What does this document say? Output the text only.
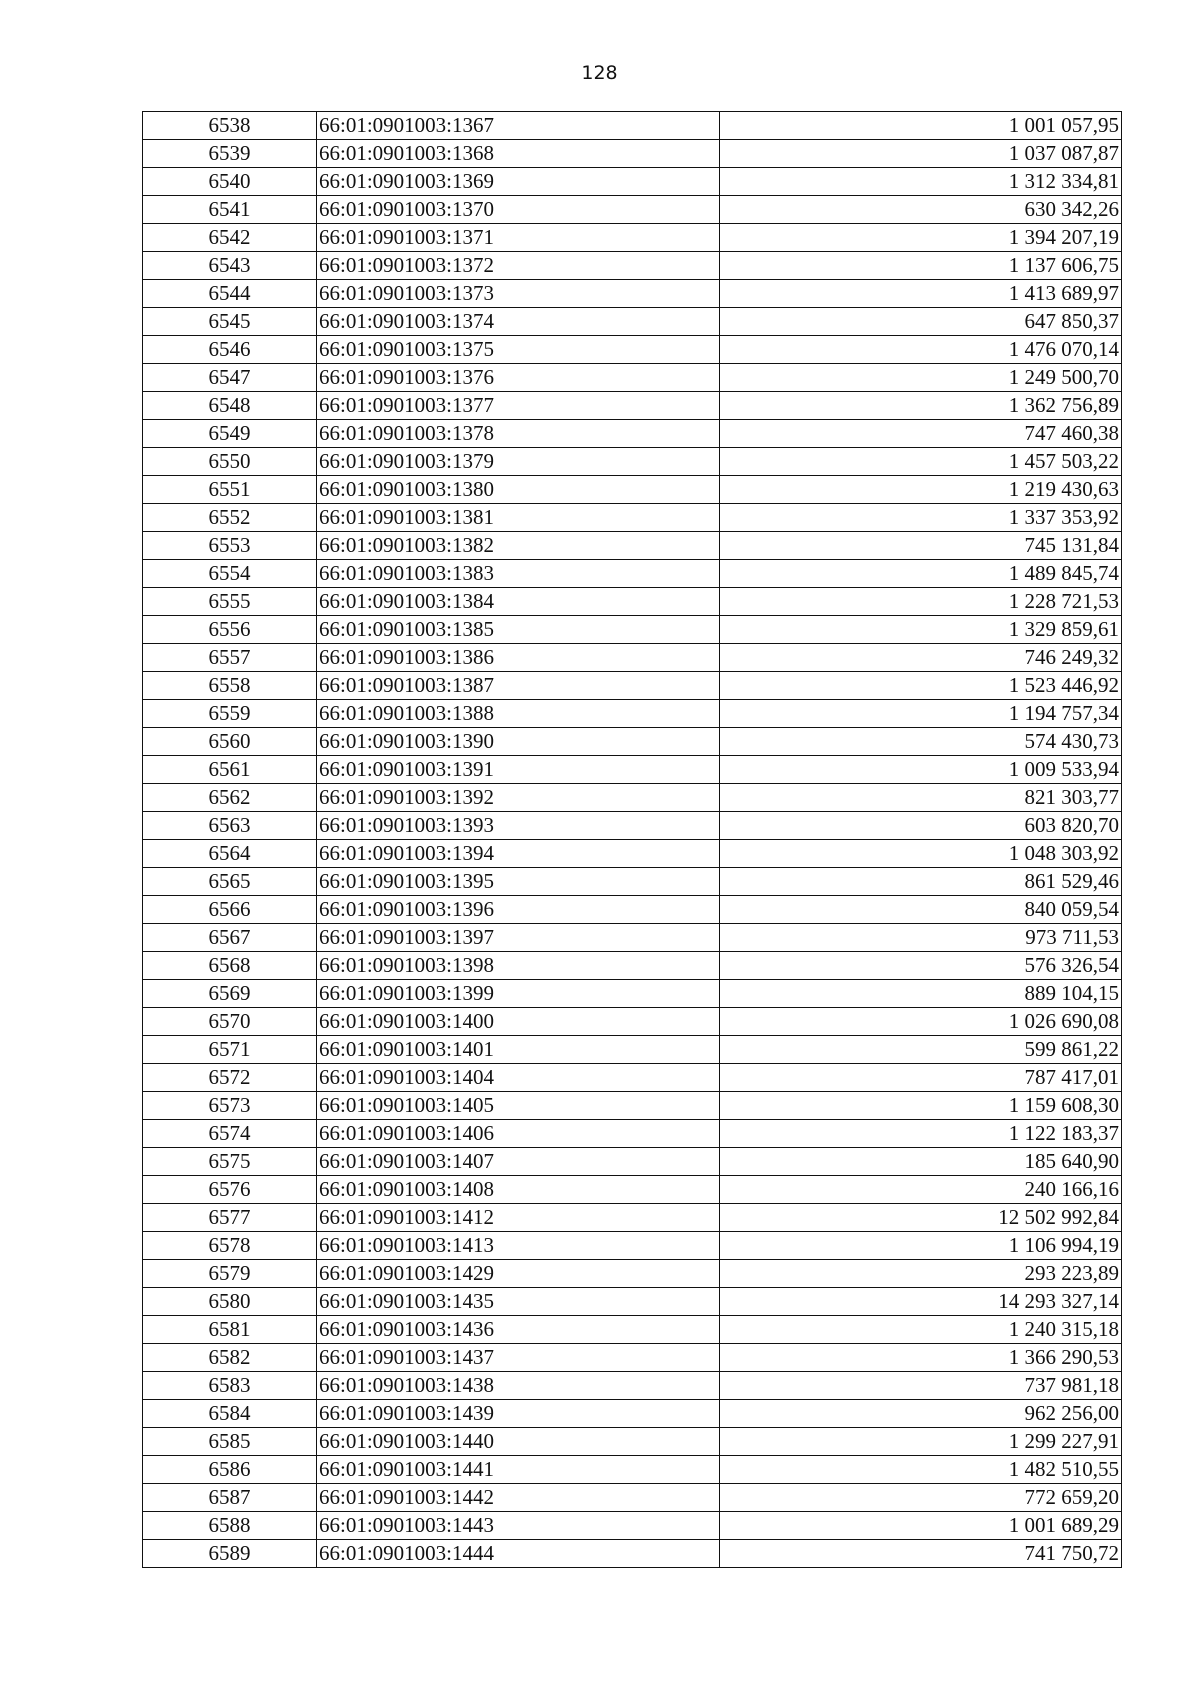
128
6538	66:01:0901003:1367	1 001 057,95
6539	66:01:0901003:1368	1 037 087,87
6540	66:01:0901003:1369	1 312 334,81
6541	66:01:0901003:1370	630 342,26
6542	66:01:0901003:1371	1 394 207,19
6543	66:01:0901003:1372	1 137 606,75
6544	66:01:0901003:1373	1 413 689,97
6545	66:01:0901003:1374	647 850,37
6546	66:01:0901003:1375	1 476 070,14
6547	66:01:0901003:1376	1 249 500,70
6548	66:01:0901003:1377	1 362 756,89
6549	66:01:0901003:1378	747 460,38
6550	66:01:0901003:1379	1 457 503,22
6551	66:01:0901003:1380	1 219 430,63
6552	66:01:0901003:1381	1 337 353,92
6553	66:01:0901003:1382	745 131,84
6554	66:01:0901003:1383	1 489 845,74
6555	66:01:0901003:1384	1 228 721,53
6556	66:01:0901003:1385	1 329 859,61
6557	66:01:0901003:1386	746 249,32
6558	66:01:0901003:1387	1 523 446,92
6559	66:01:0901003:1388	1 194 757,34
6560	66:01:0901003:1390	574 430,73
6561	66:01:0901003:1391	1 009 533,94
6562	66:01:0901003:1392	821 303,77
6563	66:01:0901003:1393	603 820,70
6564	66:01:0901003:1394	1 048 303,92
6565	66:01:0901003:1395	861 529,46
6566	66:01:0901003:1396	840 059,54
6567	66:01:0901003:1397	973 711,53
6568	66:01:0901003:1398	576 326,54
6569	66:01:0901003:1399	889 104,15
6570	66:01:0901003:1400	1 026 690,08
6571	66:01:0901003:1401	599 861,22
6572	66:01:0901003:1404	787 417,01
6573	66:01:0901003:1405	1 159 608,30
6574	66:01:0901003:1406	1 122 183,37
6575	66:01:0901003:1407	185 640,90
6576	66:01:0901003:1408	240 166,16
6577	66:01:0901003:1412	12 502 992,84
6578	66:01:0901003:1413	1 106 994,19
6579	66:01:0901003:1429	293 223,89
6580	66:01:0901003:1435	14 293 327,14
6581	66:01:0901003:1436	1 240 315,18
6582	66:01:0901003:1437	1 366 290,53
6583	66:01:0901003:1438	737 981,18
6584	66:01:0901003:1439	962 256,00
6585	66:01:0901003:1440	1 299 227,91
6586	66:01:0901003:1441	1 482 510,55
6587	66:01:0901003:1442	772 659,20
6588	66:01:0901003:1443	1 001 689,29
6589	66:01:0901003:1444	741 750,72
